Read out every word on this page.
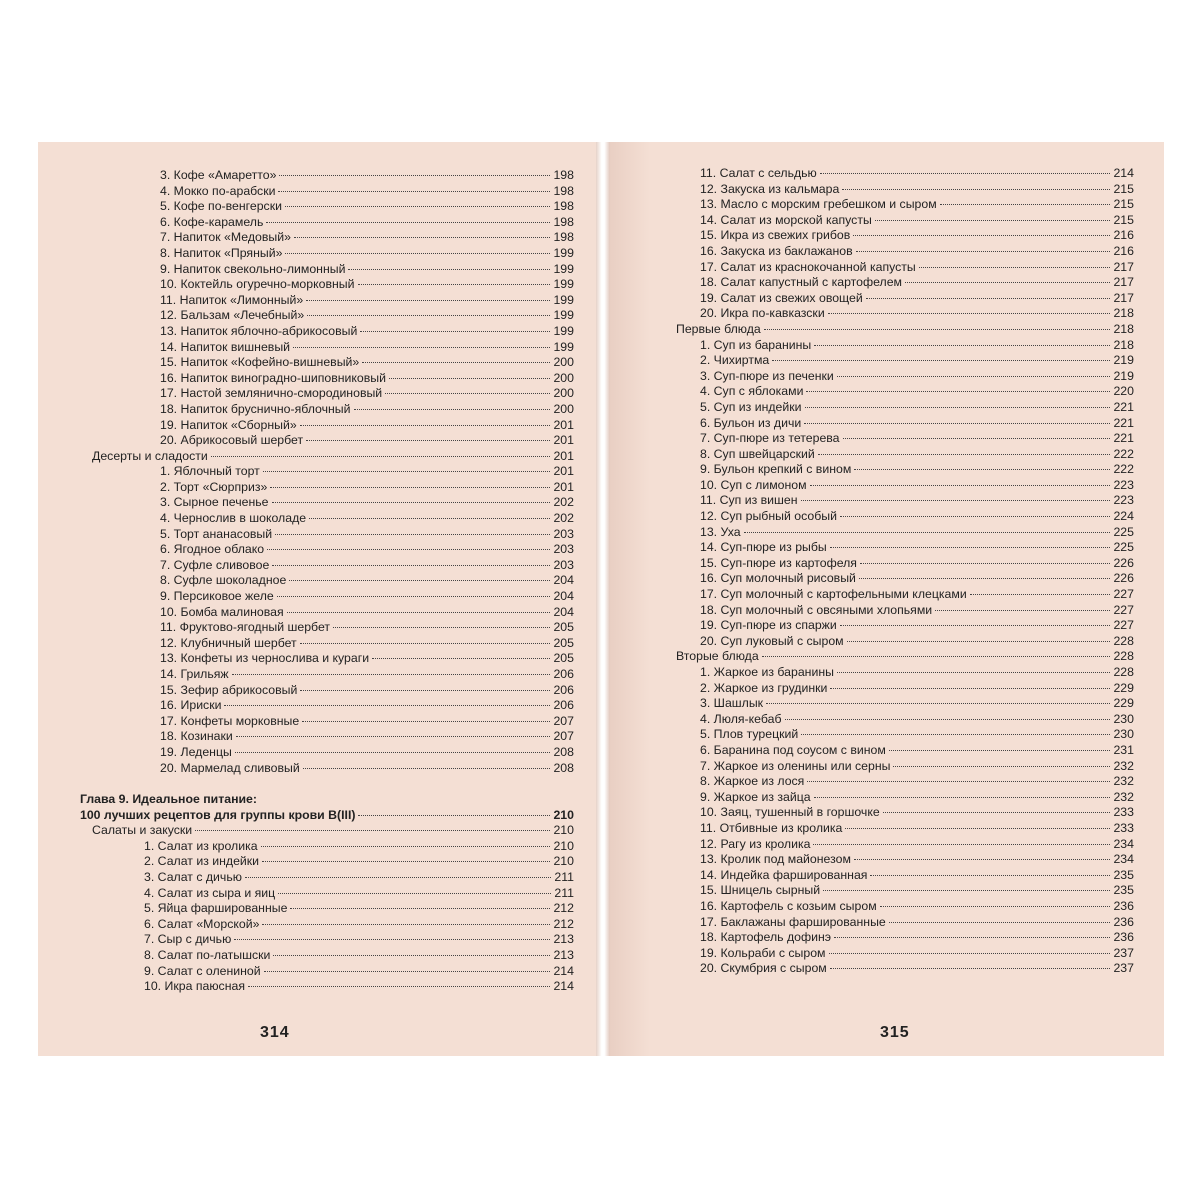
3. Кофе «Амаретто»	198
4. Мокко по-арабски	198
5. Кофе по-венгерски	198
6. Кофе-карамель	198
7. Напиток «Медовый»	198
8. Напиток «Пряный»	199
9. Напиток свекольно-лимонный	199
10. Коктейль огуречно-морковный	199
11. Напиток «Лимонный»	199
12. Бальзам «Лечебный»	199
13. Напиток яблочно-абрикосовый	199
14. Напиток вишневый	199
15. Напиток «Кофейно-вишневый»	200
16. Напиток виноградно-шиповниковый	200
17. Настой земляничнo-смородиновый	200
18. Напиток брусничнo-яблочный	200
19. Напиток «Сборный»	201
20. Абрикосовый шербет	201
Десерты и сладости	201
1. Яблочный торт	201
2. Торт «Сюрприз»	201
3. Сырное печенье	202
4. Чернослив в шоколаде	202
5. Торт ананасовый	203
6. Ягодное облако	203
7. Суфле сливовое	203
8. Суфле шоколадное	204
9. Персиковое желе	204
10. Бомба малиновая	204
11. Фруктово-ягодный шербет	205
12. Клубничный шербет	205
13. Конфеты из чернослива и кураги	205
14. Грильяж	206
15. Зефир абрикосовый	206
16. Ириски	206
17. Конфеты морковные	207
18. Козинаки	207
19. Леденцы	208
20. Мармелад сливовый	208
Глава 9. Идеальное питание:
100 лучших рецептов для группы крови B(III)	210
Салаты и закуски	210
1. Салат из кролика	210
2. Салат из индейки	210
3. Салат с дичью	211
4. Салат из сыра и яиц	211
5. Яйца фаршированные	212
6. Салат «Морской»	212
7. Сыр с дичью	213
8. Салат по-латышски	213
9. Салат с олениной	214
10. Икра паюсная	214
314
11. Салат с сельдью	214
12. Закуска из кальмара	215
13. Масло с морским гребешком и сыром	215
14. Салат из морской капусты	215
15. Икра из свежих грибов	216
16. Закуска из баклажанов	216
17. Салат из краснокочанной капусты	217
18. Салат капустный с картофелем	217
19. Салат из свежих овощей	217
20. Икра по-кавказски	218
Первые блюда	218
1. Суп из баранины	218
2. Чихиртма	219
3. Суп-пюре из печенки	219
4. Суп с яблоками	220
5. Суп из индейки	221
6. Бульон из дичи	221
7. Суп-пюре из тетерева	221
8. Суп швейцарский	222
9. Бульон крепкий с вином	222
10. Суп с лимоном	223
11. Суп из вишен	223
12. Суп рыбный особый	224
13. Уха	225
14. Суп-пюре из рыбы	225
15. Суп-пюре из картофеля	226
16. Суп молочный рисовый	226
17. Суп молочный с картофельными клецками	227
18. Суп молочный с овсяными хлопьями	227
19. Суп-пюре из спаржи	227
20. Суп луковый с сыром	228
Вторые блюда	228
1. Жаркое из баранины	228
2. Жаркое из грудинки	229
3. Шашлык	229
4. Люля-кебаб	230
5. Плов турецкий	230
6. Баранина под соусом с вином	231
7. Жаркое из оленины или серны	232
8. Жаркое из лося	232
9. Жаркое из зайца	232
10. Заяц, тушенный в горшочке	233
11. Отбивные из кролика	233
12. Рагу из кролика	234
13. Кролик под майонезом	234
14. Индейка фаршированная	235
15. Шницель сырный	235
16. Картофель с козьим сыром	236
17. Баклажаны фаршированные	236
18. Картофель дофинэ	236
19. Кольраби с сыром	237
20. Скумбрия с сыром	237
315
